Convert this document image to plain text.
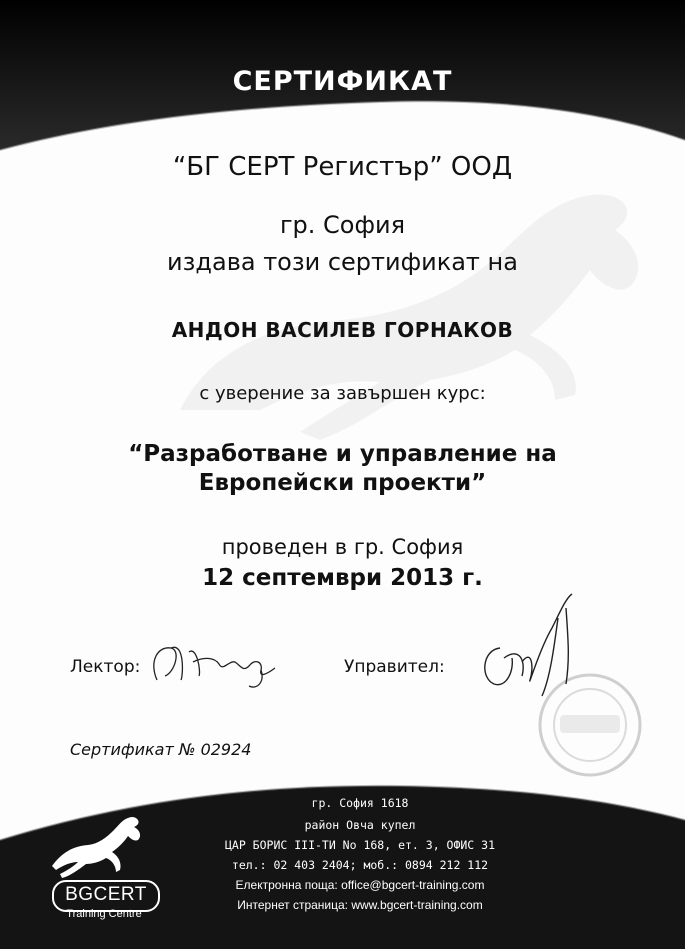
СЕРТИФИКАТ
“БГ СЕРТ Регистър” ООД
гр. София
издава този сертификат на
АНДОН ВАСИЛЕВ ГОРНАКОВ
с уверение за завършен курс:
“Разработване и управление на
Европейски проекти”
проведен в гр. София
12 септември 2013 г.
Лектор:	Управител:
Сертификат № 02924
BGCERT
Training Centre
гр. София 1618
район Овча купел
ЦАР БОРИС III-ТИ No 168, ет. 3, ОФИС 31
тел.: 02 403 2404; моб.: 0894 212 112
Електронна поща: office@bgcert-training.com
Интернет страница: www.bgcert-training.com
